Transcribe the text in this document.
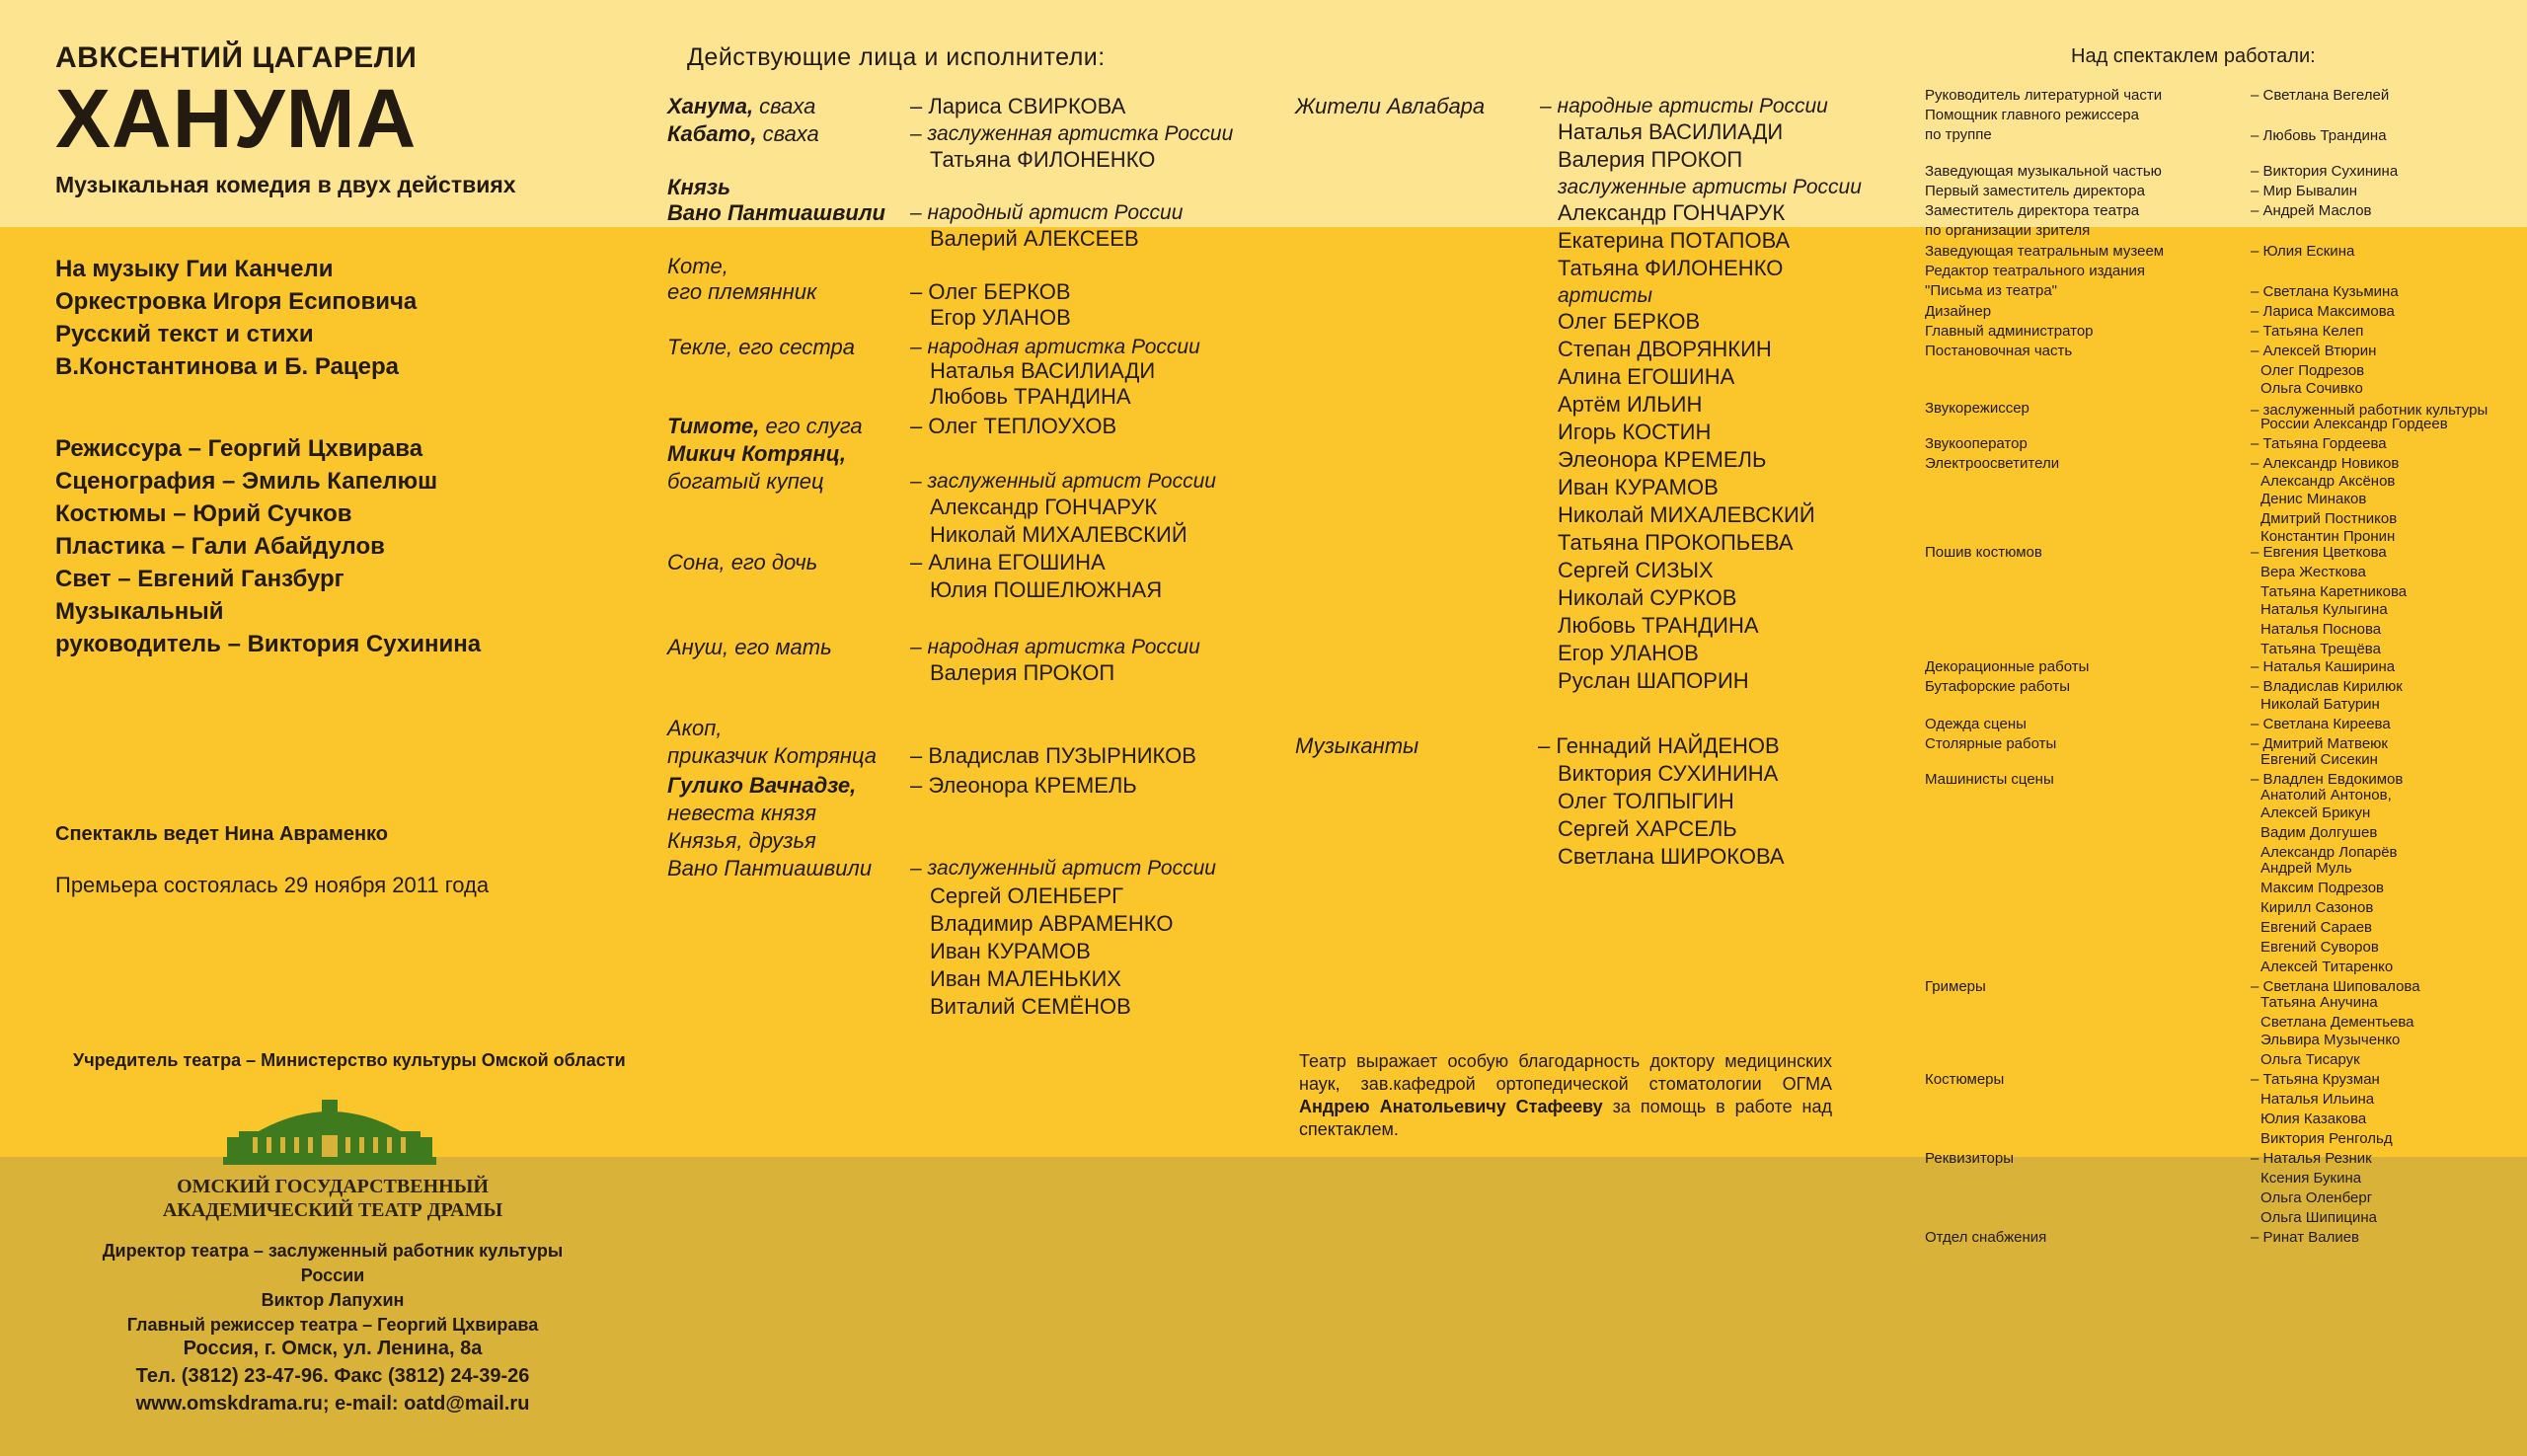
АВКСЕНТИЙ ЦАГАРЕЛИ
ХАНУМА
Музыкальная комедия в двух действиях
На музыку Гии Канчели
Оркестровка Игоря Есиповича
Русский текст и стихи
В.Константинова и Б. Рацера
Режиссура – Георгий Цхвирава
Сценография – Эмиль Капелюш
Костюмы – Юрий Сучков
Пластика – Гали Абайдулов
Свет – Евгений Ганзбург
Музыкальный
руководитель – Виктория Сухинина
Спектакль ведет Нина Авраменко
Премьера состоялась 29 ноября 2011 года
Учредитель театра – Министерство культуры Омской области
ОМСКИЙ ГОСУДАРСТВЕННЫЙ
АКАДЕМИЧЕСКИЙ ТЕАТР ДРАМЫ
Директор театра – заслуженный работник культуры России
Виктор Лапухин
Главный режиссер театра – Георгий Цхвирава
Россия, г. Омск, ул. Ленина, 8а
Тел. (3812) 23-47-96. Факс (3812) 24-39-26
www.omskdrama.ru; e-mail: oatd@mail.ru
Действующие лица и исполнители:
Ханума, сваха	– Лариса СВИРКОВА
Кабато, сваха	– заслуженная артистка России
Татьяна ФИЛОНЕНКО
Князь
Вано Пантиашвили – народный артист России
Валерий АЛЕКСЕЕВ
Коте,
его племянник	– Олег БЕРКОВ
Егор УЛАНОВ
Текле, его сестра	– народная артистка России
Наталья ВАСИЛИАДИ
Любовь ТРАНДИНА
Тимоте, его слуга – Олег ТЕПЛОУХОВ
Микич Котрянц,
богатый купец	– заслуженный артист России
Александр ГОНЧАРУК
Николай МИХАЛЕВСКИЙ
Сона, его дочь	– Алина ЕГОШИНА
Юлия ПОШЕЛЮЖНАЯ
Ануш, его мать	– народная артистка России
Валерия ПРОКОП
Акоп,
приказчик Котрянца – Владислав ПУЗЫРНИКОВ
Гулико Вачнадзе, – Элеонора КРЕМЕЛЬ
невеста князя
Князья, друзья
Вано Пантиашвили – заслуженный артист России
Сергей ОЛЕНБЕРГ
Владимир АВРАМЕНКО
Иван КУРАМОВ
Иван МАЛЕНЬКИХ
Виталий СЕМЁНОВ
Жители Авлабара	– народные артисты России
Наталья ВАСИЛИАДИ
Валерия ПРОКОП
заслуженные артисты России
Александр ГОНЧАРУК
Екатерина ПОТАПОВА
Татьяна ФИЛОНЕНКО
артисты
Олег БЕРКОВ
Степан ДВОРЯНКИН
Алина ЕГОШИНА
Артём ИЛЬИН
Игорь КОСТИН
Элеонора КРЕМЕЛЬ
Иван КУРАМОВ
Николай МИХАЛЕВСКИЙ
Татьяна ПРОКОПЬЕВА
Сергей СИЗЫХ
Николай СУРКОВ
Любовь ТРАНДИНА
Егор УЛАНОВ
Руслан ШАПОРИН
Музыканты	– Геннадий НАЙДЕНОВ
Виктория СУХИНИНА
Олег ТОЛПЫГИН
Сергей ХАРСЕЛЬ
Светлана ШИРОКОВА
Театр выражает особую благодарность доктору медицинских наук, зав.кафедрой ортопедической стоматологии ОГМА Андрею Анатольевичу Стафееву за помощь в работе над спектаклем.
Над спектаклем работали:
Руководитель литературной части	– Светлана Вегелей
Помощник главного режиссера
по труппе	– Любовь Трандина
Заведующая музыкальной частью	– Виктория Сухинина
Первый заместитель директора	– Мир Бывалин
Заместитель директора театра	– Андрей Маслов
по организации зрителя
Заведующая театральным музеем	– Юлия Ескина
Редактор театрального издания
"Письма из театра"	– Светлана Кузьмина
Дизайнер	– Лариса Максимова
Главный администратор	– Татьяна Келеп
Постановочная часть	– Алексей Втюрин
Олег Подрезов
Ольга Сочивко
Звукорежиссер	– заслуженный работник культуры
России Александр Гордеев
Звукооператор	– Татьяна Гордеева
Электроосветители	– Александр Новиков
Александр Аксёнов
Денис Минаков
Дмитрий Постников
Константин Пронин
Пошив костюмов	– Евгения Цветкова
Вера Жесткова
Татьяна Каретникова
Наталья Кулыгина
Наталья Поснова
Татьяна Трещёва
Декорационные работы	– Наталья Каширина
Бутафорские работы	– Владислав Кирилюк
Николай Батурин
Одежда сцены	– Светлана Киреева
Столярные работы	– Дмитрий Матвеюк
Евгений Сисекин
Машинисты сцены	– Владлен Евдокимов
Анатолий Антонов,
Алексей Брикун
Вадим Долгушев
Александр Лопарёв
Андрей Муль
Максим Подрезов
Кирилл Сазонов
Евгений Сараев
Евгений Суворов
Алексей Титаренко
Гримеры	– Светлана Шиповалова
Татьяна Анучина
Светлана Дементьева
Эльвира Музыченко
Ольга Тисарук
Костюмеры	– Татьяна Крузман
Наталья Ильина
Юлия Казакова
Виктория Ренгольд
Реквизиторы	– Наталья Резник
Ксения Букина
Ольга Оленберг
Ольга Шипицина
Отдел снабжения	– Ринат Валиев
